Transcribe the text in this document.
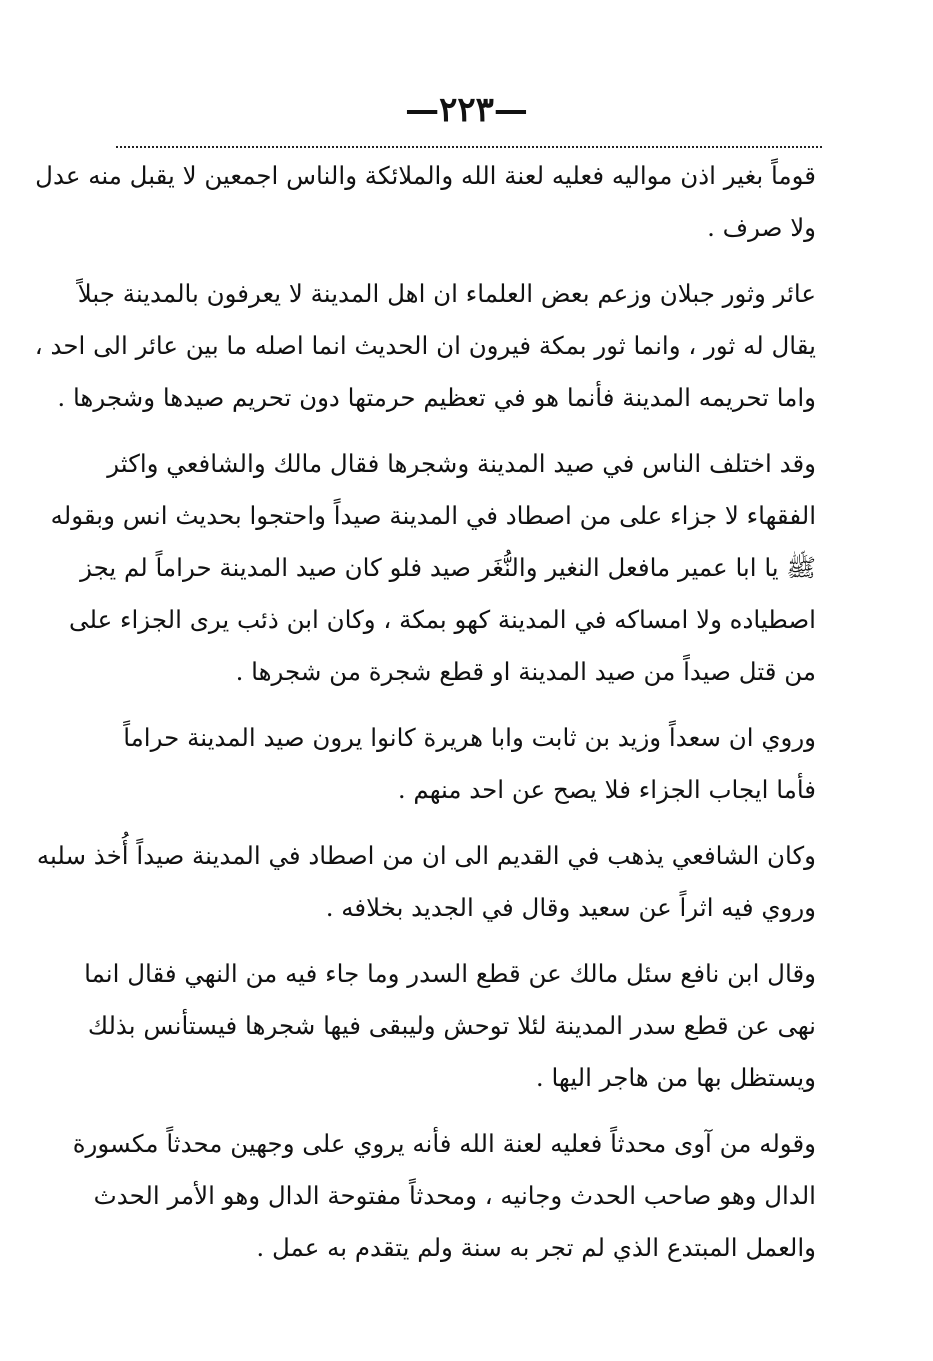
—٢٢٣—
قوماً بغير اذن مواليه فعليه لعنة الله والملائكة والناس اجمعين لا يقبل منه عدل
ولا صرف .
عائر وثور جبلان وزعم بعض العلماء ان اهل المدينة لا يعرفون بالمدينة جبلاً
يقال له ثور ، وانما ثور بمكة فيرون ان الحديث انما اصله ما بين عائر الى احد ،
واما تحريمه المدينة فأنما هو في تعظيم حرمتها دون تحريم صيدها وشجرها .
وقد اختلف الناس في صيد المدينة وشجرها فقال مالك والشافعي واكثر
الفقهاء لا جزاء على من اصطاد في المدينة صيداً واحتجوا بحديث انس وبقوله
ﷺ يا ابا عمير مافعل النغير والنُّغَر صيد فلو كان صيد المدينة حراماً لم يجز
اصطياده ولا امساكه في المدينة كهو بمكة ، وكان ابن ذئب يرى الجزاء على
من قتل صيداً من صيد المدينة او قطع شجرة من شجرها .
وروي ان سعداً وزيد بن ثابت وابا هريرة كانوا يرون صيد المدينة حراماً
فأما ايجاب الجزاء فلا يصح عن احد منهم .
وكان الشافعي يذهب في القديم الى ان من اصطاد في المدينة صيداً أُخذ سلبه
وروي فيه اثراً عن سعيد وقال في الجديد بخلافه .
وقال ابن نافع سئل مالك عن قطع السدر وما جاء فيه من النهي فقال انما
نهى عن قطع سدر المدينة لئلا توحش وليبقى فيها شجرها فيستأنس بذلك
ويستظل بها من هاجر اليها .
وقوله من آوى محدثاً فعليه لعنة الله فأنه يروي على وجهين محدثاً مكسورة
الدال وهو صاحب الحدث وجانيه ، ومحدثاً مفتوحة الدال وهو الأمر الحدث
والعمل المبتدع الذي لم تجر به سنة ولم يتقدم به عمل .
